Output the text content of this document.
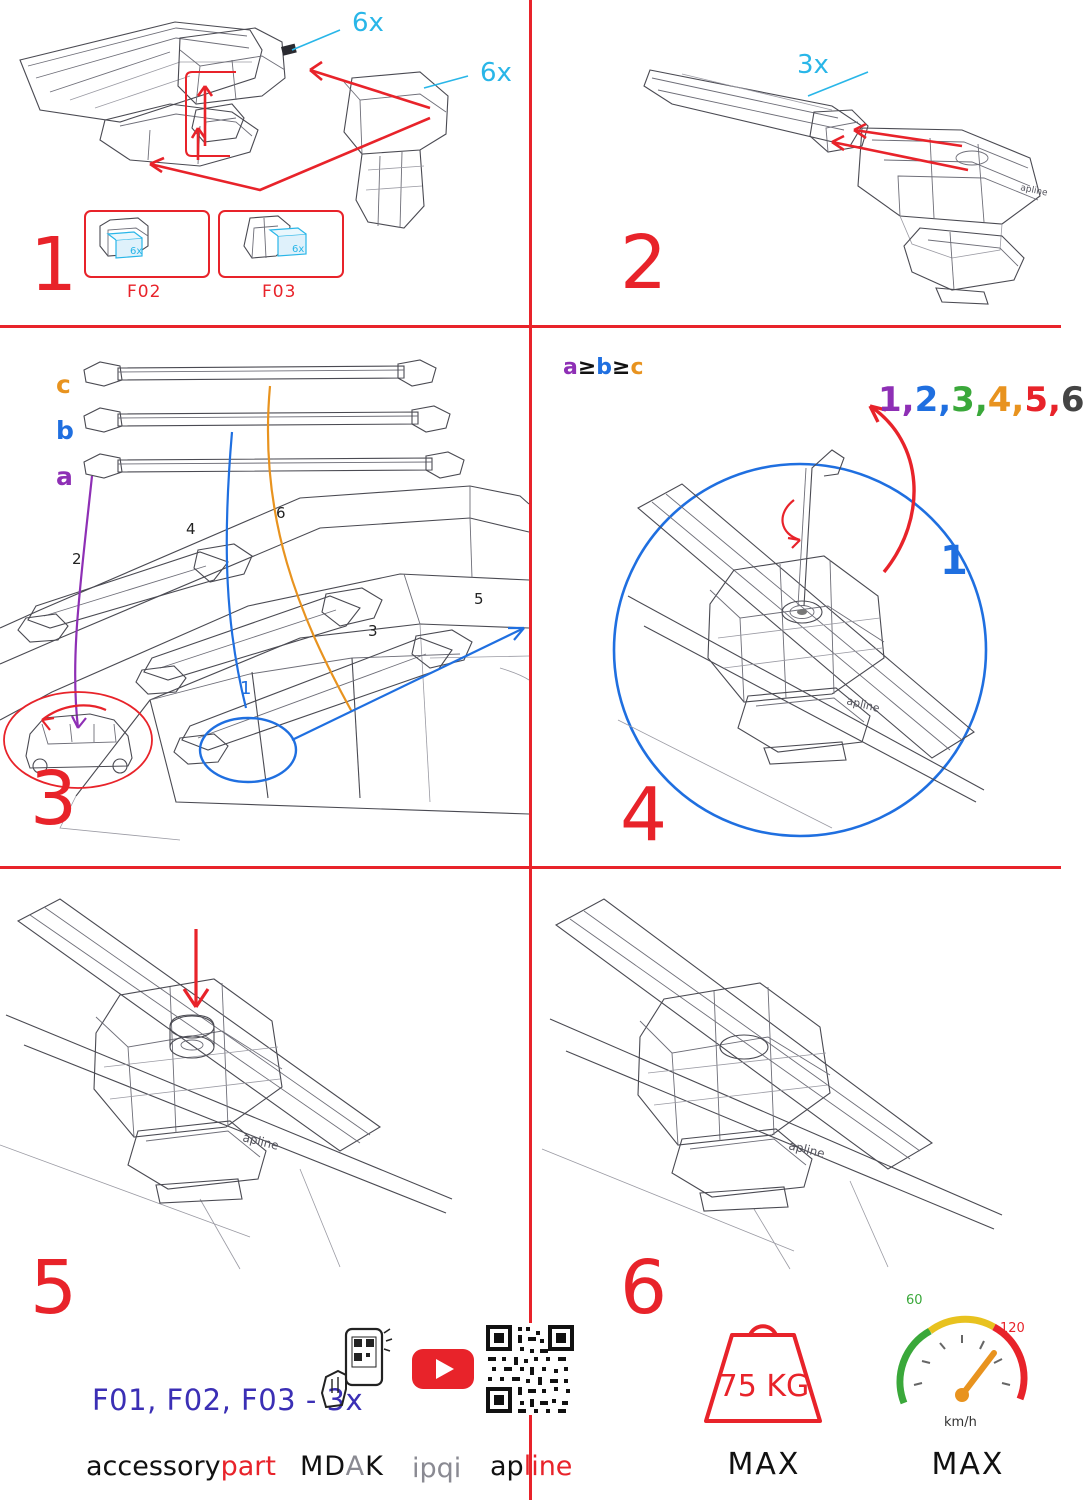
6x
6x
6x
F02
6x
F03
1
apline
3x
2
c
b
a
2
4
6
3
5
1
3
a≥b≥c
apline
1,2,3,4,5,6
1
4
apline
5
F01, F02, F03 - 3x
accessorypart MDAK ipqi apline
apline
6
75 KG
MAX
60
120
km/h
MAX
